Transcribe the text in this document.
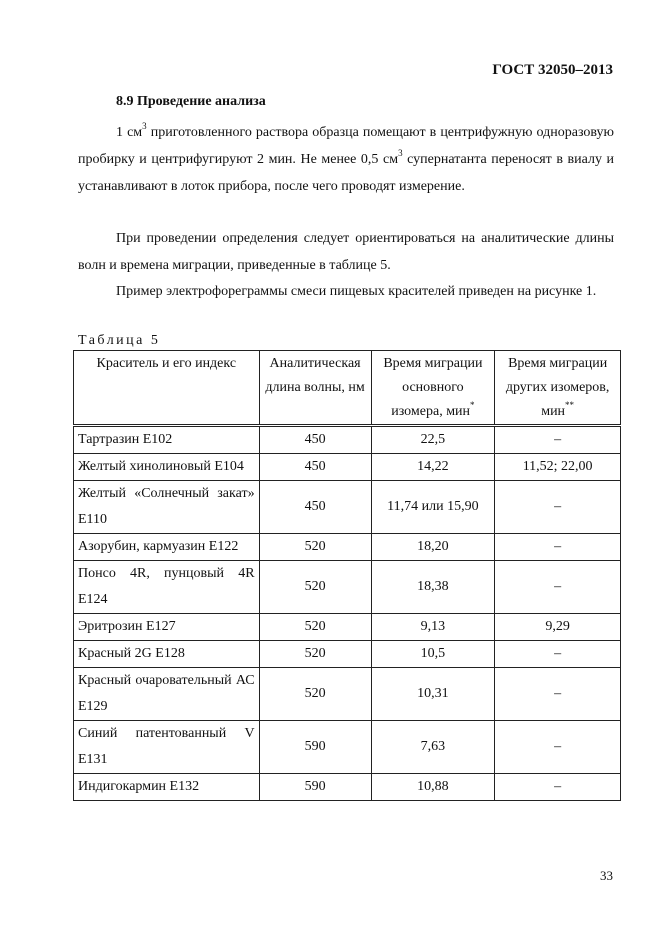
ГОСТ 32050–2013
8.9 Проведение анализа

1 $см^3$ приготовленного раствора образца помещают в центрифужную одноразовую пробирку и центрифугируют 2 мин. Не менее 0,5 $см^3$ супернатанта переносят в виалу и устанавливают в лоток прибора, после чего проводят измерение.

При проведении определения следует ориентироваться на аналитические длины волн и времена миграции, приведенные в таблице 5.

Пример электрофореграммы смеси пищевых красителей приведен на рисунке 1.

Таблица 5
Краситель и его индекс	Аналитическая длина волны, нм	Время миграции основного изомера, мин*	Время миграции других изомеров, мин**
Тартразин Е102	450	22,5	–
Желтый хинолиновый Е104	450	14,22	11,52; 22,00
Желтый «Солнечный закат» Е110	450	11,74 или 15,90	–
Азорубин, кармуазин Е122	520	18,20	–
Понсо 4R, пунцовый 4R Е124	520	18,38	–
Эритрозин Е127	520	9,13	9,29
Красный 2G Е128	520	10,5	–
Красный очаровательный АС Е129	520	10,31	–
Синий патентованный V Е131	590	7,63	–
Индигокармин Е132	590	10,88	–
33
